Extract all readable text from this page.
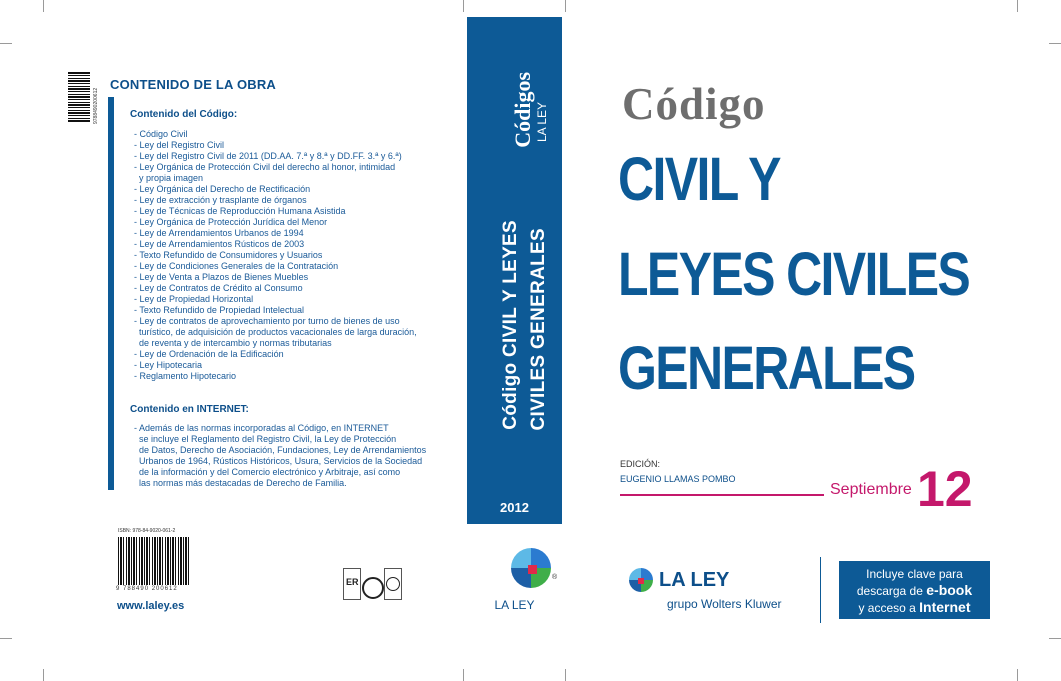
9788490200612
CONTENIDO DE LA OBRA
Contenido del Código:
- Código Civil
- Ley del Registro Civil
- Ley del Registro Civil de 2011 (DD.AA. 7.ª y 8.ª y DD.FF. 3.ª y 6.ª)
- Ley Orgánica de Protección Civil del derecho al honor, intimidad
y propia imagen
- Ley Orgánica del Derecho de Rectificación
- Ley de extracción y trasplante de órganos
- Ley de Técnicas de Reproducción Humana Asistida
- Ley Orgánica de Protección Jurídica del Menor
- Ley de Arrendamientos Urbanos de 1994
- Ley de Arrendamientos Rústicos de 2003
- Texto Refundido de Consumidores y Usuarios
- Ley de Condiciones Generales de la Contratación
- Ley de Venta a Plazos de Bienes Muebles
- Ley de Contratos de Crédito al Consumo
- Ley de Propiedad Horizontal
- Texto Refundido de Propiedad Intelectual
- Ley de contratos de aprovechamiento por turno de bienes de uso
turístico, de adquisición de productos vacacionales de larga duración,
de reventa y de intercambio y normas tributarias
- Ley de Ordenación de la Edificación
- Ley Hipotecaria
- Reglamento Hipotecario
Contenido en INTERNET:
- Además de las normas incorporadas al Código, en INTERNET
se incluye el Reglamento del Registro Civil, la Ley de Protección
de Datos, Derecho de Asociación, Fundaciones, Ley de Arrendamientos
Urbanos de 1964, Rústicos Históricos, Usura, Servicios de la Sociedad
de la información y del Comercio electrónico y Arbitraje, así como
las normas más destacadas de Derecho de Familia.
ISBN: 978-84-9020-061-2
9 788490 200612
www.laley.es
ER
Códigos LA LEY
Código CIVIL Y LEYES CIVILES GENERALES
2012
®
LA LEY
Código
CIVIL Y
LEYES CIVILES
GENERALES
EDICIÓN:
EUGENIO LLAMAS POMBO
Septiembre 12
LA LEY
grupo Wolters Kluwer
Incluye clave para
descarga de e-book
y acceso a Internet
